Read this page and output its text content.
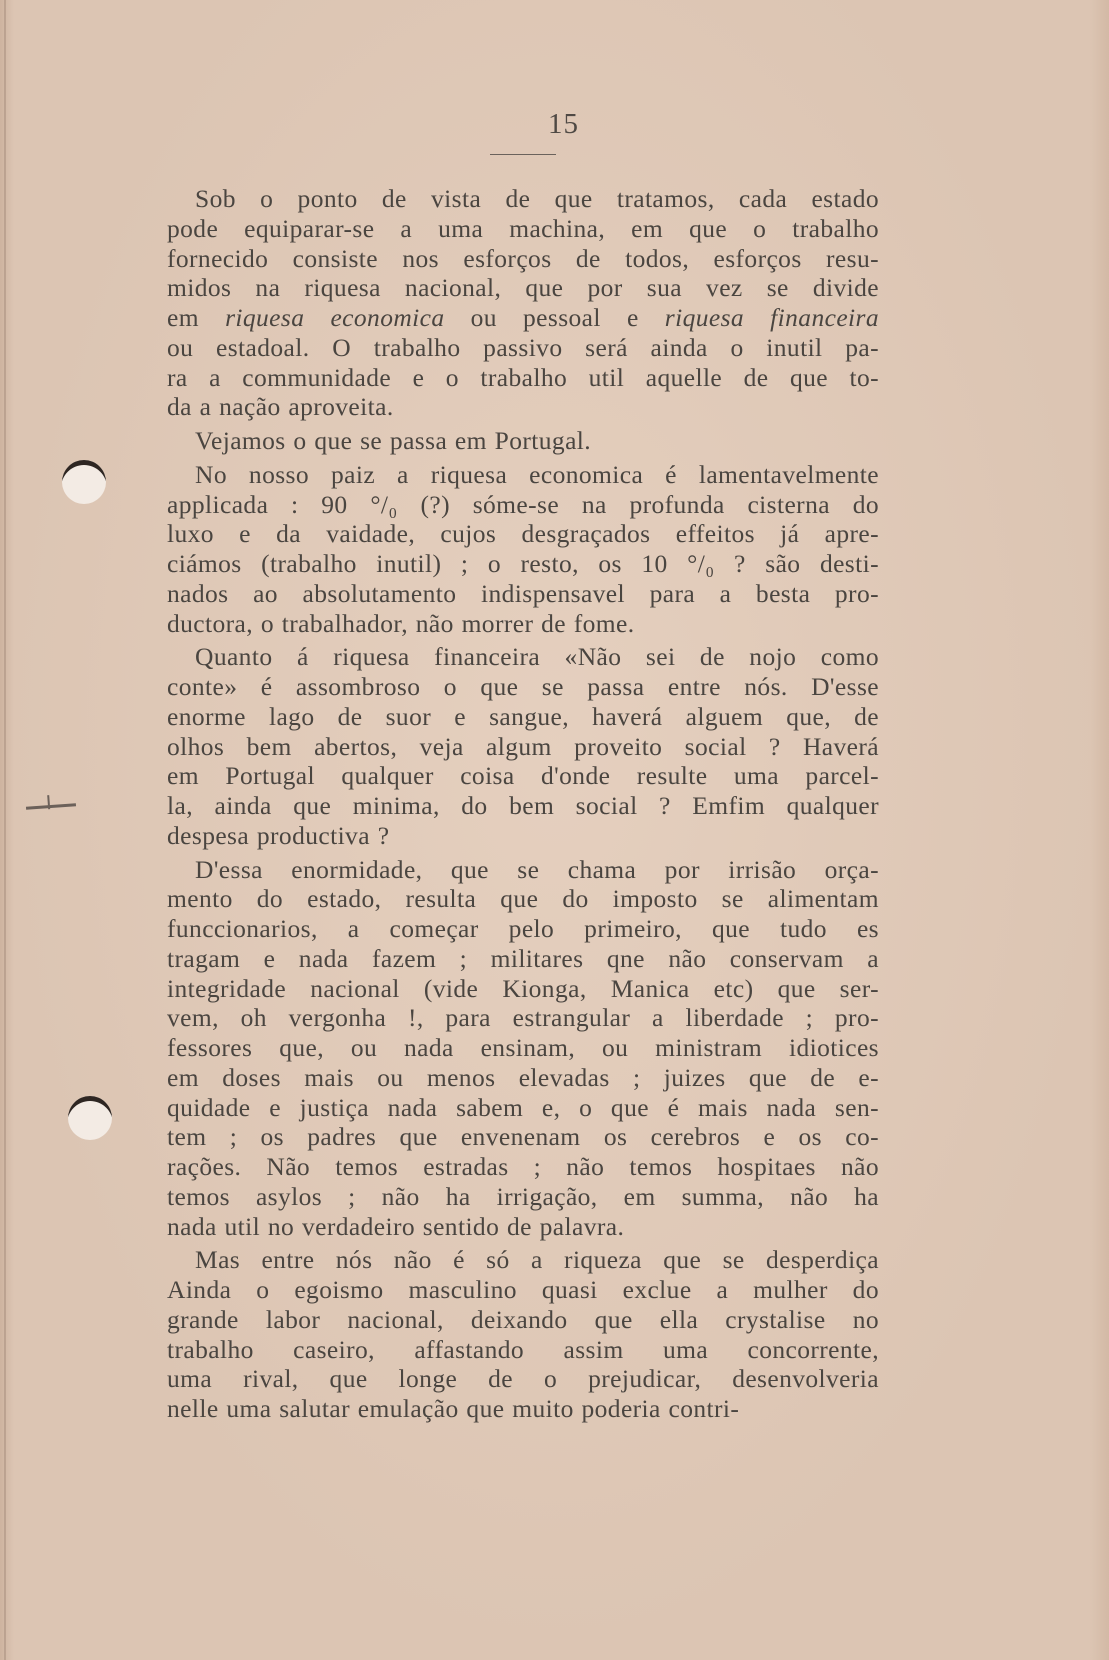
15
Sob o ponto de vista de que tratamos, cada estado
pode equiparar-se a uma machina, em que o trabalho
fornecido consiste nos esforços de todos, esforços resu-
midos na riquesa nacional, que por sua vez se divide
em riquesa economica ou pessoal e riquesa financeira
ou estadoal. O trabalho passivo será ainda o inutil pa-
ra a communidade e o trabalho util aquelle de que to-
da a nação aproveita.
Vejamos o que se passa em Portugal.
No nosso paiz a riquesa economica é lamentavelmente
applicada : 90 °/₀ (?) sóme-se na profunda cisterna do
luxo e da vaidade, cujos desgraçados effeitos já apre-
ciámos (trabalho inutil) ; o resto, os 10 °/₀ ? são desti-
nados ao absolutamento indispensavel para a besta pro-
ductora, o trabalhador, não morrer de fome.
Quanto á riquesa financeira «Não sei de nojo como
conte» é assombroso o que se passa entre nós. D'esse
enorme lago de suor e sangue, haverá alguem que, de
olhos bem abertos, veja algum proveito social ? Haverá
em Portugal qualquer coisa d'onde resulte uma parcel-
la, ainda que minima, do bem social ? Emfim qualquer
despesa productiva ?
D'essa enormidade, que se chama por irrisão orça-
mento do estado, resulta que do imposto se alimentam
funccionarios, a começar pelo primeiro, que tudo es
tragam e nada fazem ; militares qne não conservam a
integridade nacional (vide Kionga, Manica etc) que ser-
vem, oh vergonha !, para estrangular a liberdade ; pro-
fessores que, ou nada ensinam, ou ministram idiotices
em doses mais ou menos elevadas ; juizes que de e-
quidade e justiça nada sabem e, o que é mais nada sen-
tem ; os padres que envenenam os cerebros e os co-
rações. Não temos estradas ; não temos hospitaes não
temos asylos ; não ha irrigação, em summa, não ha
nada util no verdadeiro sentido de palavra.
Mas entre nós não é só a riqueza que se desperdiça
Ainda o egoismo masculino quasi exclue a mulher do
grande labor nacional, deixando que ella crystalise no
trabalho caseiro, affastando assim uma concorrente,
uma rival, que longe de o prejudicar, desenvolveria
nelle uma salutar emulação que muito poderia contri-
